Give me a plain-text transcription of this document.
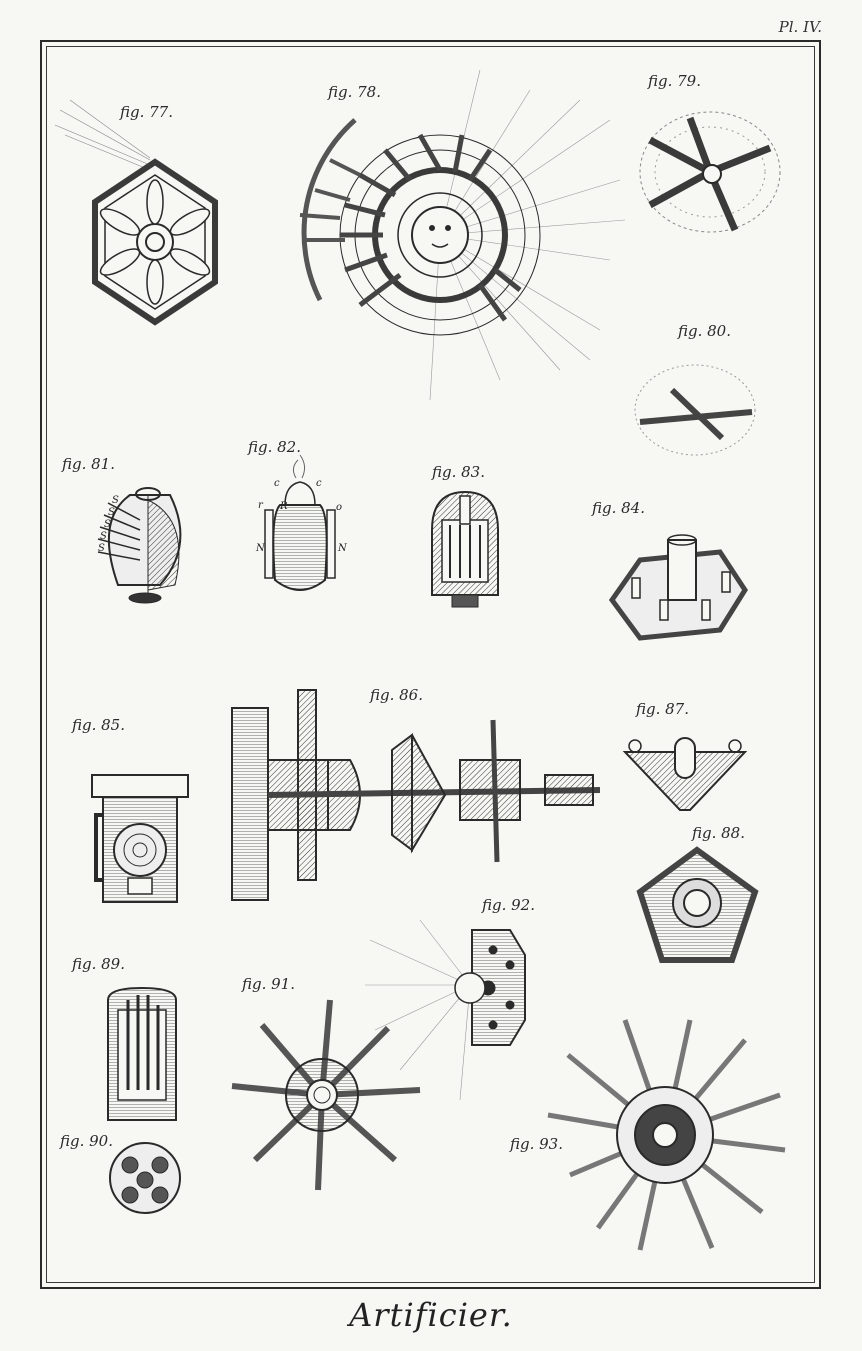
Pl. IV.
fig. 77.
fig. 78.
fig. 79.
fig. 80.
fig. 81.
fig. 82.
fig. 83.
fig. 84.
fig. 85.
fig. 86.
fig. 87.
fig. 88.
fig. 89.
fig. 90.
fig. 91.
fig. 92.
fig. 93.
S
S
S
S
S
c	c
r R	o
N	N
Artificier.
